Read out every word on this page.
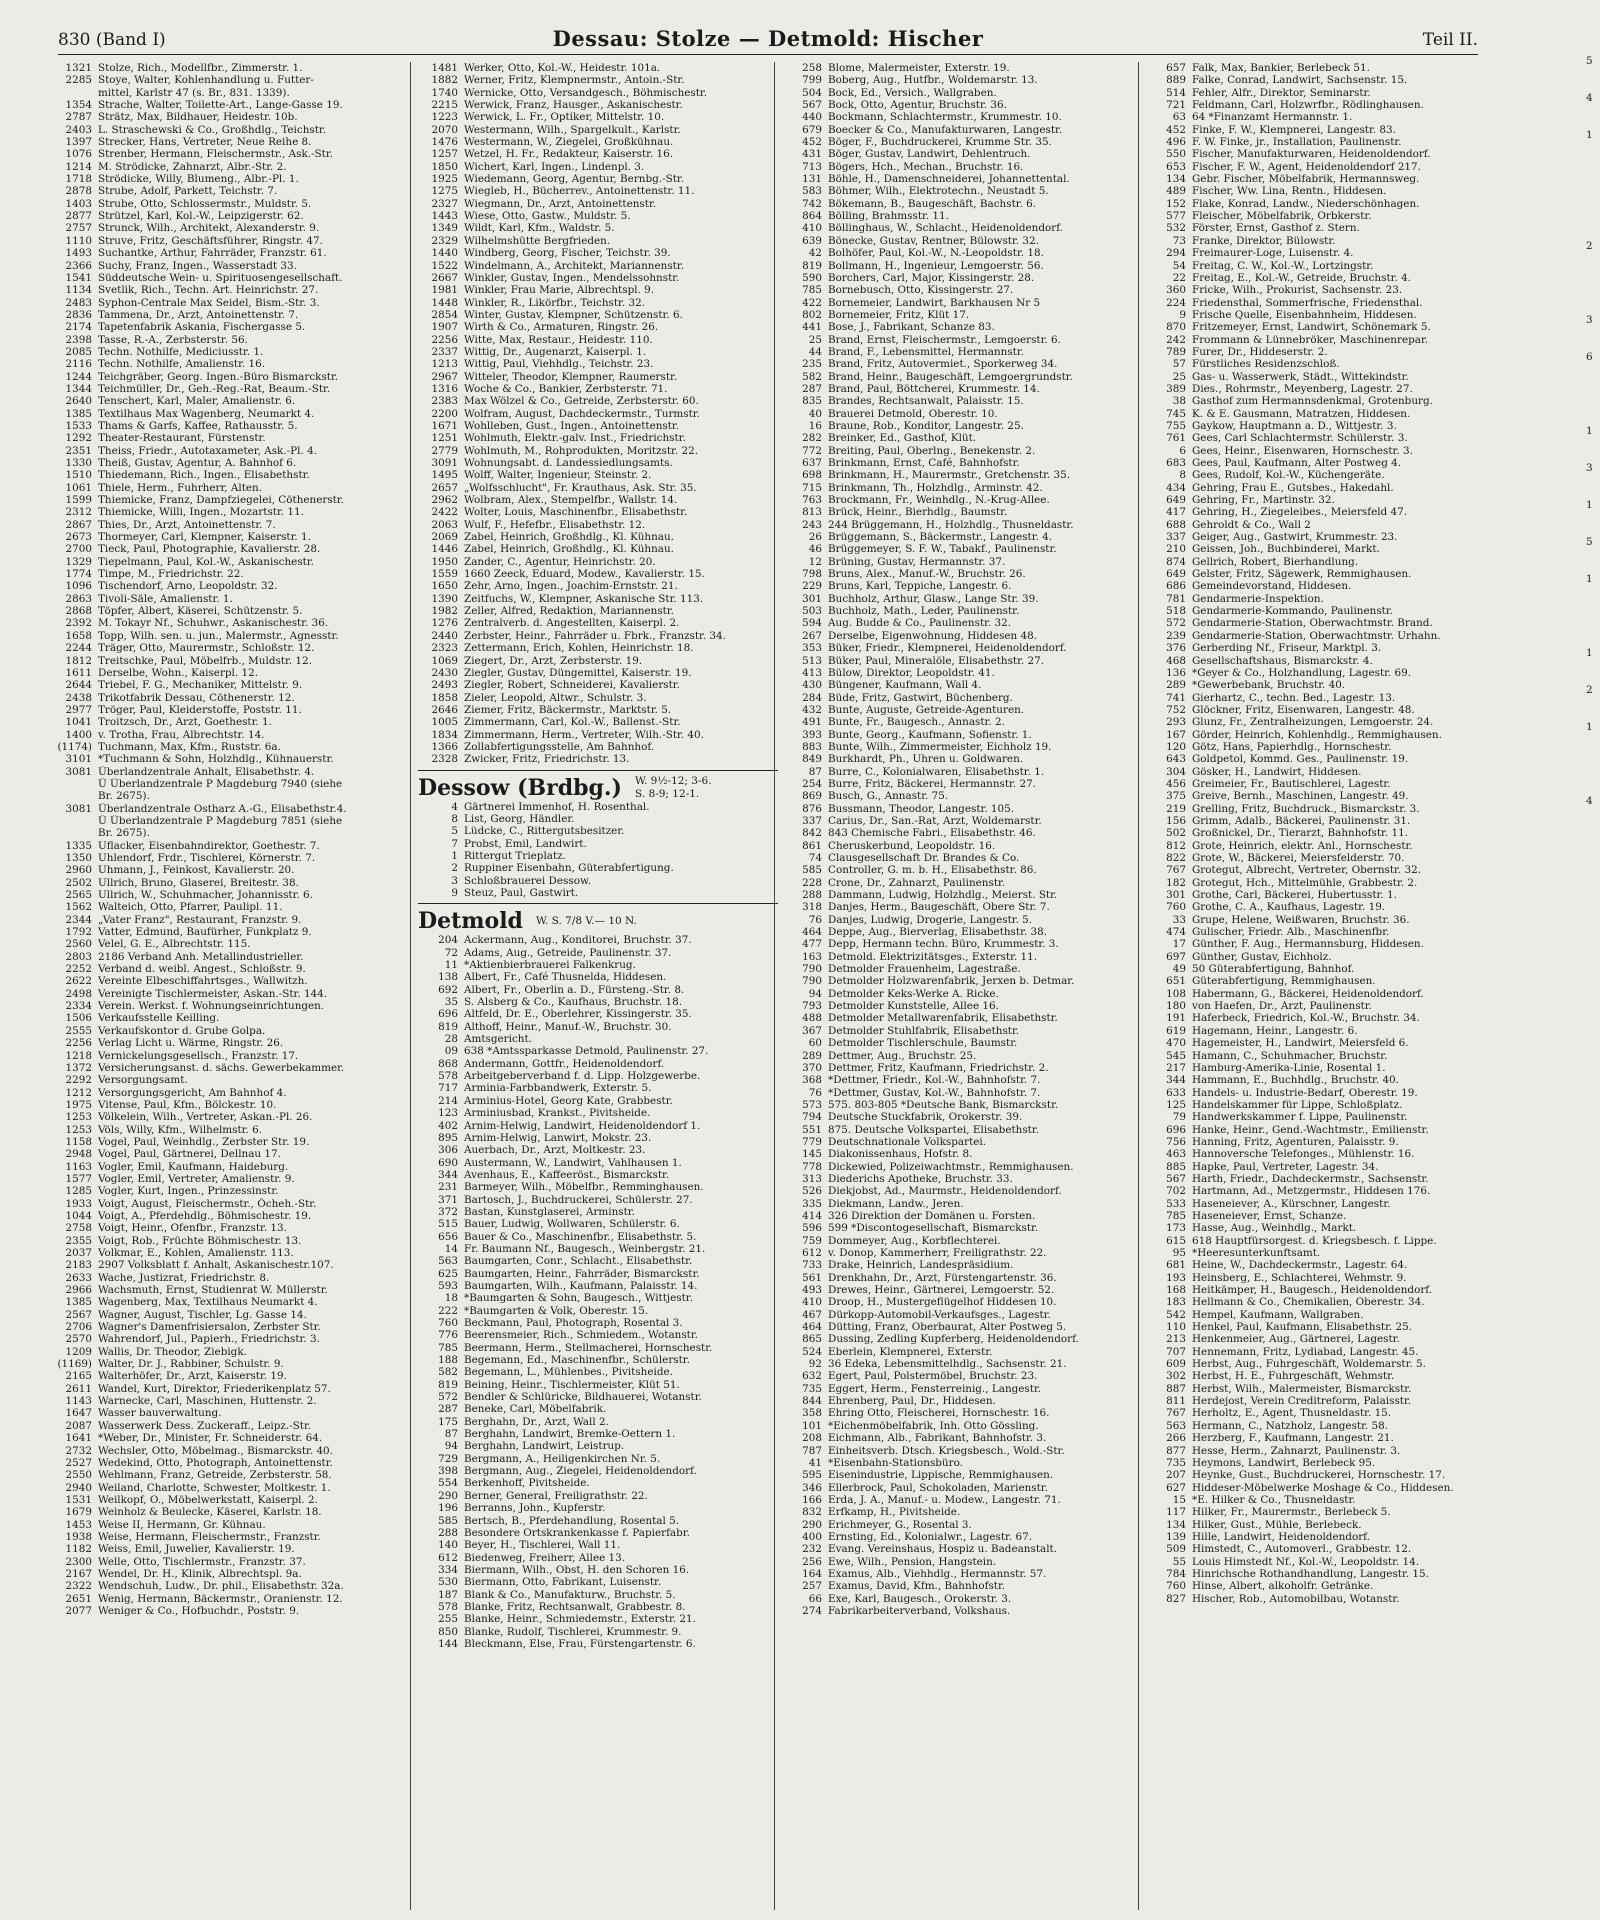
830 (Band I)	Dessau: Stolze — Detmold: Hischer	Teil II.
1321 Stolze, Rich., Modellfbr., Zimmerstr. 1.
2285 Stoye, Walter, Kohlenhandlung u. Futter-
mittel, Karlstr 47 (s. Br., 831. 1339).
1354 Strache, Walter, Toilette-Art., Lange-Gasse 19.
2787 Strätz, Max, Bildhauer, Heidestr. 10b.
2403 L. Straschewski & Co., Großhdlg., Teichstr.
1397 Strecker, Hans, Vertreter, Neue Reihe 8.
1076 Strenber, Hermann, Fleischermstr., Ask.-Str.
1214 M. Strödicke, Zahnarzt, Albr.-Str. 2.
1718 Strödicke, Willy, Blumeng., Albr.-Pl. 1.
2878 Strube, Adolf, Parkett, Teichstr. 7.
1403 Strube, Otto, Schlossermstr., Muldstr. 5.
2877 Strützel, Karl, Kol.-W., Leipzigerstr. 62.
2757 Strunck, Wilh., Architekt, Alexanderstr. 9.
1110 Struve, Fritz, Geschäftsführer, Ringstr. 47.
1493 Suchantke, Arthur, Fahrräder, Franzstr. 61.
2366 Suchy, Franz, Ingen., Wasserstadt 33.
1541 Süddeutsche Wein- u. Spirituosengesellschaft.
1134 Svetlik, Rich., Techn. Art. Heinrichstr. 27.
2483 Syphon-Centrale Max Seidel, Bism.-Str. 3.
2836 Tammena, Dr., Arzt, Antoinettenstr. 7.
2174 Tapetenfabrik Askania, Fischergasse 5.
2398 Tasse, R.-A., Zerbsterstr. 56.
2085 Techn. Nothilfe, Mediciusstr. 1.
2116 Techn. Nothilfe, Amalienstr. 16.
1244 Teichgräber, Georg. Ingen.-Büro Bismarckstr.
1344 Teichmüller, Dr., Geh.-Reg.-Rat, Beaum.-Str.
2640 Tenschert, Karl, Maler, Amalienstr. 6.
1385 Textilhaus Max Wagenberg, Neumarkt 4.
1533 Thams & Garfs, Kaffee, Rathausstr. 5.
1292 Theater-Restaurant, Fürstenstr.
2351 Theiss, Friedr., Autotaxameter, Ask.-Pl. 4.
1330 Theiß, Gustav, Agentur, A. Bahnhof 6.
1510 Thiedemann, Rich., Ingen., Elisabethstr.
1061 Thiele, Herm., Fuhrherr, Alten.
1599 Thiemicke, Franz, Dampfziegelei, Cöthenerstr.
2312 Thiemicke, Willi, Ingen., Mozartstr. 11.
2867 Thies, Dr., Arzt, Antoinettenstr. 7.
2673 Thormeyer, Carl, Klempner, Kaiserstr. 1.
2700 Tieck, Paul, Photographie, Kavalierstr. 28.
1329 Tiepelmann, Paul, Kol.-W., Askanischestr.
1774 Timpe, M., Friedrichstr. 22.
1096 Tischendorf, Arno, Leopoldstr. 32.
2863 Tivoli-Säle, Amalienstr. 1.
2868 Töpfer, Albert, Käserei, Schützenstr. 5.
2392 M. Tokayr Nf., Schuhwr., Askanischestr. 36.
1658 Topp, Wilh. sen. u. jun., Malermstr., Agnesstr.
2244 Träger, Otto, Maurermstr., Schloßstr. 12.
1812 Treitschke, Paul, Möbelfrb., Muldstr. 12.
1611 Derselbe, Wohn., Kaiserpl. 12.
2644 Triebel, F. G., Mechaniker, Mittelstr. 9.
2438 Trikotfabrik Dessau, Cöthenerstr. 12.
2977 Tröger, Paul, Kleiderstoffe, Poststr. 11.
1041 Troitzsch, Dr., Arzt, Goethestr. 1.
1400 v. Trotha, Frau, Albrechtstr. 14.
(1174) Tuchmann, Max, Kfm., Ruststr. 6a.
3101 *Tuchmann & Sohn, Holzhdlg., Kühnauerstr.
3081 Überlandzentrale Anhalt, Elisabethstr. 4.
Ü Überlandzentrale P Magdeburg 7940 (siehe
Br. 2675).
3081 Überlandzentrale Ostharz A.-G., Elisabethstr.4.
Ü Überlandzentrale P Magdeburg 7851 (siehe
Br. 2675).
1335 Uflacker, Eisenbahndirektor, Goethestr. 7.
1350 Uhlendorf, Frdr., Tischlerei, Körnerstr. 7.
2960 Uhmann, J., Feinkost, Kavalierstr. 20.
2502 Ullrich, Bruno, Glaserei, Breitestr. 38.
2565 Ullrich, W., Schuhmacher, Johannisstr. 6.
1562 Walteich, Otto, Pfarrer, Paulipl. 11.
2344 „Vater Franz", Restaurant, Franzstr. 9.
1792 Vatter, Edmund, Baufürher, Funkplatz 9.
2560 Velel, G. E., Albrechtstr. 115.
2803 2186 Verband Anh. Metallindustrieller.
2252 Verband d. weibl. Angest., Schloßstr. 9.
2622 Vereinte Elbeschiffahrtsges., Wallwitzh.
2498 Vereinigte Tischlermeister, Askan.-Str. 144.
2334 Verein. Werkst. f. Wohnungseinrichtungen.
1506 Verkaufsstelle Keilling.
2555 Verkaufskontor d. Grube Golpa.
2256 Verlag Licht u. Wärme, Ringstr. 26.
1218 Vernickelungsgesellsch., Franzstr. 17.
1372 Versicherungsanst. d. sächs. Gewerbekammer.
2292 Versorgungsamt.
1212 Versorgungsgericht, Am Bahnhof 4.
1975 Vitense, Paul, Kfm., Bölckestr. 10.
1253 Völkelein, Wilh., Vertreter, Askan.-Pl. 26.
1253 Völs, Willy, Kfm., Wilhelmstr. 6.
1158 Vogel, Paul, Weinhdlg., Zerbster Str. 19.
2948 Vogel, Paul, Gärtnerei, Dellnau 17.
1163 Vogler, Emil, Kaufmann, Haideburg.
1577 Vogler, Emil, Vertreter, Amalienstr. 9.
1285 Vogler, Kurt, Ingen., Prinzessinstr.
1933 Voigt, August, Fleischermstr., Öcheh.-Str.
1044 Voigt, A., Pferdehdlg., Böhmischestr. 19.
2758 Voigt, Heinr., Ofenfbr., Franzstr. 13.
2355 Voigt, Rob., Früchte Böhmischestr. 13.
2037 Volkmar, E., Kohlen, Amalienstr. 113.
2183 2907 Volksblatt f. Anhalt, Askanischestr.107.
2633 Wache, Justizrat, Friedrichstr. 8.
2966 Wachsmuth, Ernst, Studienrat W. Müllerstr.
1385 Wagenberg, Max, Textilhaus Neumarkt 4.
2567 Wagner, August, Tischler, Lg. Gasse 14.
2706 Wagner's Damenfrisiersalon, Zerbster Str.
2570 Wahrendorf, Jul., Papierh., Friedrichstr. 3.
1209 Wallis, Dr. Theodor, Ziebigk.
(1169) Walter, Dr. J., Rabbiner, Schulstr. 9.
2165 Walterhöfer, Dr., Arzt, Kaiserstr. 19.
2611 Wandel, Kurt, Direktor, Friederikenplatz 57.
1143 Warnecke, Carl, Maschinen, Huttenstr. 2.
1647 Wasser bauverwaltung.
2087 Wasserwerk Dess. Zuckeraff., Leipz.-Str.
1641 *Weber, Dr., Minister, Fr. Schneiderstr. 64.
2732 Wechsler, Otto, Möbelmag., Bismarckstr. 40.
2527 Wedekind, Otto, Photograph, Antoinettenstr.
2550 Wehlmann, Franz, Getreide, Zerbsterstr. 58.
2940 Weiland, Charlotte, Schwester, Moltkestr. 1.
1531 Weilkopf, O., Möbelwerkstatt, Kaiserpl. 2.
1679 Weinholz & Beulecke, Käserei, Karlstr. 18.
1453 Weise II, Hermann, Gr. Kühnau.
1938 Weise, Hermann, Fleischermstr., Franzstr.
1182 Weiss, Emil, Juwelier, Kavalierstr. 19.
2300 Welle, Otto, Tischlermstr., Franzstr. 37.
2167 Wendel, Dr. H., Klinik, Albrechtspl. 9a.
2322 Wendschuh, Ludw., Dr. phil., Elisabethstr. 32a.
2651 Wenig, Hermann, Bäckermstr., Oranienstr. 12.
2077 Weniger & Co., Hofbuchdr., Poststr. 9.
1481 Werker, Otto, Kol.-W., Heidestr. 101a.
1882 Werner, Fritz, Klempnermstr., Antoin.-Str.
1740 Wernicke, Otto, Versandgesch., Böhmischestr.
2215 Werwick, Franz, Hausger., Askanischestr.
1223 Werwick, L. Fr., Optiker, Mittelstr. 10.
2070 Westermann, Wilh., Spargelkult., Karlstr.
1476 Westermann, W., Ziegelei, Großkühnau.
1257 Wetzel, H. Fr., Redakteur, Kaiserstr. 16.
1850 Wichert, Karl, Ingen., Lindenpl. 3.
1925 Wiedemann, Georg, Agentur, Bernbg.-Str.
1275 Wiegleb, H., Bücherrev., Antoinettenstr. 11.
2327 Wiegmann, Dr., Arzt, Antoinettenstr.
1443 Wiese, Otto, Gastw., Muldstr. 5.
1349 Wildt, Karl, Kfm., Waldstr. 5.
2329 Wilhelmshütte Bergfrieden.
1440 Windberg, Georg, Fischer, Teichstr. 39.
1522 Windelmann, A., Architekt, Mariannenstr.
2667 Winkler, Gustav, Ingen., Mendelssohnstr.
1981 Winkler, Frau Marie, Albrechtspl. 9.
1448 Winkler, R., Likörfbr., Teichstr. 32.
2854 Winter, Gustav, Klempner, Schützenstr. 6.
1907 Wirth & Co., Armaturen, Ringstr. 26.
2256 Witte, Max, Restaur., Heidestr. 110.
2337 Wittig, Dr., Augenarzt, Kaiserpl. 1.
1213 Wittig, Paul, Viehhdlg., Teichstr. 23.
2967 Witteler, Theodor, Klempner, Raumerstr.
1316 Woche & Co., Bankier, Zerbsterstr. 71.
2383 Max Wölzel & Co., Getreide, Zerbsterstr. 60.
2200 Wolfram, August, Dachdeckermstr., Turmstr.
1671 Wohlleben, Gust., Ingen., Antoinettenstr.
1251 Wohlmuth, Elektr.-galv. Inst., Friedrichstr.
2779 Wohlmuth, M., Rohprodukten, Moritzstr. 22.
3091 Wohnungsabt. d. Landessiedlungsamts.
1495 Wolff, Walter, Ingenieur, Steinstr. 2.
2657 „Wolfsschlucht", Fr. Krauthaus, Ask. Str. 35.
2962 Wolbram, Alex., Stempelfbr., Wallstr. 14.
2422 Wolter, Louis, Maschinenfbr., Elisabethstr.
2063 Wulf, F., Hefefbr., Elisabethstr. 12.
2069 Zabel, Heinrich, Großhdlg., Kl. Kühnau.
1446 Zabel, Heinrich, Großhdlg., Kl. Kühnau.
1950 Zander, C., Agentur, Heinrichstr. 20.
1559 1660 Zeeck, Eduard, Modew., Kavalierstr. 15.
1650 Zehr, Arno, Ingen., Joachim-Ernststr. 21.
1390 Zeitfuchs, W., Klempner, Askanische Str. 113.
1982 Zeller, Alfred, Redaktion, Mariannenstr.
1276 Zentralverb. d. Angestellten, Kaiserpl. 2.
2440 Zerbster, Heinr., Fahrräder u. Fbrk., Franzstr. 34.
2323 Zettermann, Erich, Kohlen, Heinrichstr. 18.
1069 Ziegert, Dr., Arzt, Zerbsterstr. 19.
2430 Ziegler, Gustav, Düngemittel, Kaiserstr. 19.
2493 Ziegler, Robert, Schneiderei, Kavalierstr.
1858 Zieler, Leopold, Altwr., Schulstr. 3.
2646 Ziemer, Fritz, Bäckermstr., Marktstr. 5.
1005 Zimmermann, Carl, Kol.-W., Ballenst.-Str.
1834 Zimmermann, Herm., Vertreter, Wilh.-Str. 40.
1366 Zollabfertigungsstelle, Am Bahnhof.
2328 Zwicker, Fritz, Friedrichstr. 13.
Dessow (Brdbg.) W. 9½-12; 3-6.
S. 8-9; 12-1.
4 Gärtnerei Immenhof, H. Rosenthal.
8 List, Georg, Händler.
5 Lüdcke, C., Rittergutsbesitzer.
7 Probst, Emil, Landwirt.
1 Rittergut Trieplatz.
2 Ruppiner Eisenbahn, Güterabfertigung.
3 Schloßbrauerei Dessow.
9 Steuz, Paul, Gastwirt.
Detmold W. S. 7/8 V.— 10 N.
204 Ackermann, Aug., Konditorei, Bruchstr. 37.
72 Adams, Aug., Getreide, Paulinenstr. 37.
11 *Aktienbierbrauerei Falkenkrug.
138 Albert, Fr., Café Thusnelda, Hiddesen.
692 Albert, Fr., Oberlin a. D., Fürsteng.-Str. 8.
35 S. Alsberg & Co., Kaufhaus, Bruchstr. 18.
696 Altfeld, Dr. E., Oberlehrer, Kissingerstr. 35.
819 Althoff, Heinr., Manuf.-W., Bruchstr. 30.
28 Amtsgericht.
09 638 *Amtssparkasse Detmold, Paulinenstr. 27.
868 Andermann, Gottfr., Heidenoldendorf.
578 Arbeitgeberverband f. d. Lipp. Holzgewerbe.
717 Arminia-Farbbandwerk, Exterstr. 5.
214 Arminius-Hotel, Georg Kate, Grabbestr.
123 Arminiusbad, Krankst., Pivitsheide.
402 Arnim-Helwig, Landwirt, Heidenoldendorf 1.
895 Arnim-Helwig, Lanwirt, Mokstr. 23.
306 Auerbach, Dr., Arzt, Moltkestr. 23.
690 Austermann, W., Landwirt, Vahlhausen 1.
344 Avenhaus, E., Kaffeeröst., Bismarckstr.
231 Barmeyer, Wilh., Möbelfbr., Remminghausen.
371 Bartosch, J., Buchdruckerei, Schülerstr. 27.
372 Bastan, Kunstglaserei, Arminstr.
515 Bauer, Ludwig, Wollwaren, Schülerstr. 6.
656 Bauer & Co., Maschinenfbr., Elisabethstr. 5.
14 Fr. Baumann Nf., Baugesch., Weinbergstr. 21.
563 Baumgarten, Conr., Schlacht., Elisabethstr.
625 Baumgarten, Heinr., Fahrräder, Bismarckstr.
593 Baumgarten, Wilh., Kaufmann, Palaisstr. 14.
18 *Baumgarten & Sohn, Baugesch., Wittjestr.
222 *Baumgarten & Volk, Oberestr. 15.
760 Beckmann, Paul, Photograph, Rosental 3.
776 Beerensmeier, Rich., Schmiedem., Wotanstr.
785 Beermann, Herm., Stellmacherei, Hornschestr.
188 Begemann, Ed., Maschinenfbr., Schülerstr.
582 Begemann, L., Mühlenbes., Pivitsheide.
819 Beining, Heinr., Tischlermeister, Klüt 51.
572 Bendler & Schlüricke, Bildhauerei, Wotanstr.
287 Beneke, Carl, Möbelfabrik.
175 Berghahn, Dr., Arzt, Wall 2.
87 Berghahn, Landwirt, Bremke-Oettern 1.
94 Berghahn, Landwirt, Leistrup.
729 Bergmann, A., Heiligenkirchen Nr. 5.
398 Bergmann, Aug., Ziegelei, Heidenoldendorf.
554 Berkenhoff, Pivitsheide.
290 Berner, General, Freiligrathstr. 22.
196 Berranns, John., Kupferstr.
585 Bertsch, B., Pferdehandlung, Rosental 5.
288 Besondere Ortskrankenkasse f. Papierfabr.
140 Beyer, H., Tischlerei, Wall 11.
612 Biedenweg, Freiherr, Allee 13.
334 Biermann, Wilh., Obst, H. den Schoren 16.
530 Biermann, Otto, Fabrikant, Luisenstr.
187 Blank & Co., Manufakturw., Bruchstr. 5.
578 Blanke, Fritz, Rechtsanwalt, Grabbestr. 8.
255 Blanke, Heinr., Schmiedemstr., Exterstr. 21.
850 Blanke, Rudolf, Tischlerei, Krummestr. 9.
144 Bleckmann, Else, Frau, Fürstengartenstr. 6.
258 Blome, Malermeister, Exterstr. 19.
799 Boberg, Aug., Hutfbr., Woldemarstr. 13.
504 Bock, Ed., Versich., Wallgraben.
567 Bock, Otto, Agentur, Bruchstr. 36.
440 Bockmann, Schlachtermstr., Krummestr. 10.
679 Boecker & Co., Manufakturwaren, Langestr.
452 Böger, F., Buchdruckerei, Krumme Str. 35.
431 Böger, Gustav, Landwirt, Dehlentruch.
713 Bögers, Hch., Mechan., Bruchstr. 16.
131 Böhle, H., Damenschneiderei, Johannettental.
583 Böhmer, Wilh., Elektrotechn., Neustadt 5.
742 Bökemann, B., Baugeschäft, Bachstr. 6.
864 Bölling, Brahmsstr. 11.
410 Böllinghaus, W., Schlacht., Heidenoldendorf.
639 Bönecke, Gustav, Rentner, Bülowstr. 32.
42 Bolhöfer, Paul, Kol.-W., N.-Leopoldstr. 18.
819 Bollmann, H., Ingenieur, Lemgoerstr. 56.
590 Borchers, Carl, Major, Kissingerstr. 28.
785 Bornebusch, Otto, Kissingerstr. 27.
422 Bornemeier, Landwirt, Barkhausen Nr 5
802 Bornemeier, Fritz, Klüt 17.
441 Bose, J., Fabrikant, Schanze 83.
25 Brand, Ernst, Fleischermstr., Lemgoerstr. 6.
44 Brand, F., Lebensmittel, Hermannstr.
235 Brand, Fritz, Autovermiet., Sporkerweg 34.
582 Brand, Heinr., Baugeschäft, Lemgoergrundstr.
287 Brand, Paul, Böttcherei, Krummestr. 14.
835 Brandes, Rechtsanwalt, Palaisstr. 15.
40 Brauerei Detmold, Oberestr. 10.
16 Braune, Rob., Konditor, Langestr. 25.
282 Breinker, Ed., Gasthof, Klüt.
772 Breiting, Paul, Oberlng., Benekenstr. 2.
637 Brinkmann, Ernst, Café, Bahnhofstr.
698 Brinkmann, H., Maurermstr., Gretchenstr. 35.
715 Brinkmann, Th., Holzhdlg., Arminstr. 42.
763 Brockmann, Fr., Weinhdlg., N.-Krug-Allee.
813 Brück, Heinr., Bierhdlg., Baumstr.
243 244 Brüggemann, H., Holzhdlg., Thusneldastr.
26 Brüggemann, S., Bäckermstr., Langestr. 4.
46 Brüggemeyer, S. F. W., Tabakf., Paulinenstr.
12 Brüning, Gustav, Hermannstr. 37.
798 Bruns, Alex., Manuf.-W., Bruchstr. 26.
229 Bruns, Karl, Teppiche, Langestr. 6.
301 Buchholz, Arthur, Glasw., Lange Str. 39.
503 Buchholz, Math., Leder, Paulinenstr.
594 Aug. Budde & Co., Paulinenstr. 32.
267 Derselbe, Eigenwohnung, Hiddesen 48.
353 Büker, Friedr., Klempnerei, Heidenoldendorf.
513 Büker, Paul, Mineralöle, Elisabethstr. 27.
413 Bülow, Direktor, Leopoldstr. 41.
430 Büngener, Kaufmann, Wall 4.
284 Büde, Fritz, Gastwirt, Büchenberg.
432 Bunte, Auguste, Getreide-Agenturen.
491 Bunte, Fr., Baugesch., Annastr. 2.
393 Bunte, Georg., Kaufmann, Sofienstr. 1.
883 Bunte, Wilh., Zimmermeister, Eichholz 19.
849 Burkhardt, Ph., Uhren u. Goldwaren.
87 Burre, C., Kolonialwaren, Elisabethstr. 1.
254 Burre, Fritz, Bäckerei, Hermannstr. 27.
869 Busch, G., Annastr. 75.
876 Bussmann, Theodor, Langestr. 105.
337 Carius, Dr., San.-Rat, Arzt, Woldemarstr.
842 843 Chemische Fabri., Elisabethstr. 46.
861 Cheruskerbund, Leopoldstr. 16.
74 Clausgesellschaft Dr. Brandes & Co.
585 Controller, G. m. b. H., Elisabethstr. 86.
228 Crone, Dr., Zahnarzt, Paulinenstr.
288 Dammann, Ludwig, Holzhdlg., Meierst. Str.
318 Danjes, Herm., Baugeschäft, Obere Str. 7.
76 Danjes, Ludwig, Drogerie, Langestr. 5.
464 Deppe, Aug., Bierverlag, Elisabethstr. 38.
477 Depp, Hermann techn. Büro, Krummestr. 3.
163 Detmold. Elektrizitätsges., Exterstr. 11.
790 Detmolder Frauenheim, Lagestraße.
790 Detmolder Holzwarenfabrik, Jerxen b. Detmar.
94 Detmolder Keks-Werke A. Ricke.
793 Detmolder Kunststelle, Allee 16.
488 Detmolder Metallwarenfabrik, Elisabethstr.
367 Detmolder Stuhlfabrik, Elisabethstr.
60 Detmolder Tischlerschule, Baumstr.
289 Dettmer, Aug., Bruchstr. 25.
370 Dettmer, Fritz, Kaufmann, Friedrichstr. 2.
368 *Dettmer, Friedr., Kol.-W., Bahnhofstr. 7.
76 *Dettmer, Gustav, Kol.-W., Bahnhofstr. 7.
573 575. 803-805 *Deutsche Bank, Bismarckstr.
794 Deutsche Stuckfabrik, Orokerstr. 39.
551 875. Deutsche Volkspartei, Elisabethstr.
779 Deutschnationale Volkspartei.
145 Diakonissenhaus, Hofstr. 8.
778 Dickewied, Polizeiwachtmstr., Remmighausen.
313 Diederichs Apotheke, Bruchstr. 33.
526 Diekjobst, Ad., Maurmstr., Heidenoldendorf.
335 Diekmann, Landw., Jeren.
414 326 Direktion der Domänen u. Forsten.
596 599 *Discontogesellschaft, Bismarckstr.
759 Dommeyer, Aug., Korbflechterei.
612 v. Donop, Kammerherr, Freiligrathstr. 22.
733 Drake, Heinrich, Landespräsidium.
561 Drenkhahn, Dr., Arzt, Fürstengartenstr. 36.
493 Drewes, Heinr., Gärtnerei, Lemgoerstr. 52.
410 Droop, H., Mustergeflügelhof Hiddesen 10.
467 Dürkopp-Automobil-Verkaufsges., Lagestr.
464 Dütting, Franz, Oberbaurat, Alter Postweg 5.
865 Dussing, Zedling Kupferberg, Heidenoldendorf.
524 Eberlein, Klempnerei, Exterstr.
92 36 Edeka, Lebensmittelhdlg., Sachsenstr. 21.
632 Egert, Paul, Polstermöbel, Bruchstr. 23.
735 Eggert, Herm., Fensterreinig., Langestr.
844 Ehrenberg, Paul, Dr., Hiddesen.
358 Ehring Otto, Fleischerei, Hornschestr. 16.
101 *Eichenmöbelfabrik, Inh. Otto Gössling.
208 Eichmann, Alb., Fabrikant, Bahnhofstr. 3.
787 Einheitsverb. Dtsch. Kriegsbesch., Wold.-Str.
41 *Eisenbahn-Stationsbüro.
595 Eisenindustrie, Lippische, Remmighausen.
346 Ellerbrock, Paul, Schokoladen, Marienstr.
166 Erda, J. A., Manuf.- u. Modew., Langestr. 71.
832 Erfkamp, H., Pivitsheide.
290 Erichmeyer, G., Rosental 3.
400 Ernsting, Ed., Kolonialwr., Lagestr. 67.
232 Evang. Vereinshaus, Hospiz u. Badeanstalt.
256 Ewe, Wilh., Pension, Hangstein.
164 Examus, Alb., Viehhdlg., Hermannstr. 57.
257 Examus, David, Kfm., Bahnhofstr.
66 Exe, Karl, Baugesch., Orokerstr. 3.
274 Fabrikarbeiterverband, Volkshaus.
657 Falk, Max, Bankier, Berlebeck 51.
889 Falke, Conrad, Landwirt, Sachsenstr. 15.
514 Fehler, Alfr., Direktor, Seminarstr.
721 Feldmann, Carl, Holzwrfbr., Rödlinghausen.
63 64 *Finanzamt Hermannstr. 1.
452 Finke, F. W., Klempnerei, Langestr. 83.
496 F. W. Finke, jr., Installation, Paulinenstr.
550 Fischer, Manufakturwaren, Heidenoldendorf.
653 Fischer, F. W., Agent, Heidenoldendorf 217.
134 Gebr. Fischer, Möbelfabrik, Hermannsweg.
489 Fischer, Ww. Lina, Rentn., Hiddesen.
152 Flake, Konrad, Landw., Niederschönhagen.
577 Fleischer, Möbelfabrik, Orbkerstr.
532 Förster, Ernst, Gasthof z. Stern.
73 Franke, Direktor, Bülowstr.
294 Freimaurer-Loge, Luisenstr. 4.
54 Freitag, C. W., Kol.-W., Lortzingstr.
22 Freitag, E., Kol.-W., Getreide, Bruchstr. 4.
360 Fricke, Wilh., Prokurist, Sachsenstr. 23.
224 Friedensthal, Sommerfrische, Friedensthal.
9 Frische Quelle, Eisenbahnheim, Hiddesen.
870 Fritzemeyer, Ernst, Landwirt, Schönemark 5.
242 Frommann & Lünnebröker, Maschinenrepar.
789 Furer, Dr., Hiddeserstr. 2.
57 Fürstliches Residenzschloß.
25 Gas- u. Wasserwerk, Städt., Wittekindstr.
389 Dies., Rohrmstr., Meyenberg, Lagestr. 27.
38 Gasthof zum Hermannsdenkmal, Grotenburg.
745 K. & E. Gausmann, Matratzen, Hiddesen.
755 Gaykow, Hauptmann a. D., Wittjestr. 3.
761 Gees, Carl Schlachtermstr. Schülerstr. 3.
6 Gees, Heinr., Eisenwaren, Hornschestr. 3.
683 Gees, Paul, Kaufmann, Alter Postweg 4.
8 Gees, Rudolf, Kol.-W., Küchengeräte.
434 Gehring, Frau E., Gutsbes., Hakedahl.
649 Gehring, Fr., Martinstr. 32.
417 Gehring, H., Ziegeleibes., Meiersfeld 47.
688 Gehroldt & Co., Wall 2
337 Geiger, Aug., Gastwirt, Krummestr. 23.
210 Geissen, Joh., Buchbinderei, Markt.
874 Gellrich, Robert, Bierhandlung.
649 Gelster, Fritz, Sägewerk, Remmighausen.
686 Gemeindevorstand, Hiddesen.
781 Gendarmerie-Inspektion.
518 Gendarmerie-Kommando, Paulinenstr.
572 Gendarmerie-Station, Oberwachtmstr. Brand.
239 Gendarmerie-Station, Oberwachtmstr. Urhahn.
376 Gerberding Nf., Friseur, Marktpl. 3.
468 Gesellschaftshaus, Bismarckstr. 4.
136 *Geyer & Co., Holzhandlung, Lagestr. 69.
289 *Gewerbebank, Bruchstr. 40.
741 Gierhartz, C., techn. Bed., Lagestr. 13.
752 Glöckner, Fritz, Eisenwaren, Langestr. 48.
293 Glunz, Fr., Zentralheizungen, Lemgoerstr. 24.
167 Görder, Heinrich, Kohlenhdlg., Remmighausen.
120 Götz, Hans, Papierhdlg., Hornschestr.
643 Goldpetol, Kommd. Ges., Paulinenstr. 19.
304 Gösker, H., Landwirt, Hiddesen.
456 Greimeier, Fr., Bautischlerei, Lagestr.
375 Greive, Bernh., Maschinen, Langestr. 49.
219 Grelling, Fritz, Buchdruck., Bismarckstr. 3.
156 Grimm, Adalb., Bäckerei, Paulinenstr. 31.
502 Großnickel, Dr., Tierarzt, Bahnhofstr. 11.
812 Grote, Heinrich, elektr. Anl., Hornschestr.
822 Grote, W., Bäckerei, Meiersfelderstr. 70.
767 Grotegut, Albrecht, Vertreter, Obernstr. 32.
182 Grotegut, Hch., Mittelmühle, Grabbestr. 2.
301 Grothe, Carl, Bäckerei, Hubertusstr. 1.
760 Grothe, C. A., Kaufhaus, Lagestr. 19.
33 Grupe, Helene, Weißwaren, Bruchstr. 36.
474 Gulischer, Friedr. Alb., Maschinenfbr.
17 Günther, F. Aug., Hermannsburg, Hiddesen.
697 Günther, Gustav, Eichholz.
49 50 Güterabfertigung, Bahnhof.
651 Güterabfertigung, Remmighausen.
108 Habermann, G., Bäckerei, Heidenoldendorf.
180 von Haefen, Dr., Arzt, Paulinenstr.
191 Haferbeck, Friedrich, Kol.-W., Bruchstr. 34.
619 Hagemann, Heinr., Langestr. 6.
470 Hagemeister, H., Landwirt, Meiersfeld 6.
545 Hamann, C., Schuhmacher, Bruchstr.
217 Hamburg-Amerika-Linie, Rosental 1.
344 Hammann, E., Buchhdlg., Bruchstr. 40.
633 Handels- u. Industrie-Bedarf, Oberestr. 19.
125 Handelskammer für Lippe, Schloßplatz.
79 Handwerkskammer f. Lippe, Paulinenstr.
696 Hanke, Heinr., Gend.-Wachtmstr., Emilienstr.
756 Hanning, Fritz, Agenturen, Palaisstr. 9.
463 Hannoversche Telefonges., Mühlenstr. 16.
885 Hapke, Paul, Vertreter, Lagestr. 34.
567 Harth, Friedr., Dachdeckermstr., Sachsenstr.
702 Hartmann, Ad., Metzgermstr., Hiddesen 176.
533 Haseneiever, A., Kürschner, Langestr.
785 Haseneiever, Ernst, Schanze.
173 Hasse, Aug., Weinhdlg., Markt.
615 618 Hauptfürsorgest. d. Kriegsbesch. f. Lippe.
95 *Heeresunterkunftsamt.
681 Heine, W., Dachdeckermstr., Lagestr. 64.
193 Heinsberg, E., Schlachterei, Wehmstr. 9.
168 Heitkämper, H., Baugesch., Heidenoldendorf.
183 Hellmann & Co., Chemikalien, Oberestr. 34.
542 Hempel, Kaufmann, Wallgraben.
110 Henkel, Paul, Kaufmann, Elisabethstr. 25.
213 Henkenmeier, Aug., Gärtnerei, Lagestr.
707 Hennemann, Fritz, Lydiabad, Langestr. 45.
609 Herbst, Aug., Fuhrgeschäft, Woldemarstr. 5.
302 Herbst, H. E., Fuhrgeschäft, Wehmstr.
887 Herbst, Wilh., Malermeister, Bismarckstr.
811 Herdejost, Verein Creditreform, Palaisstr.
767 Herholtz, E., Agent, Thusneldastr. 15.
563 Hermann, C., Natzholz, Langestr. 58.
266 Herzberg, F., Kaufmann, Langestr. 21.
877 Hesse, Herm., Zahnarzt, Paulinenstr. 3.
735 Heymons, Landwirt, Berlebeck 95.
207 Heynke, Gust., Buchdruckerei, Hornschestr. 17.
627 Hiddeser-Möbelwerke Moshage & Co., Hiddesen.
15 *E. Hilker & Co., Thusneldastr.
117 Hilker, Fr., Maurermstr., Berlebeck 5.
134 Hilker, Gust., Mühle, Berlebeck.
139 Hille, Landwirt, Heidenoldendorf.
509 Himstedt, C., Automoverl., Grabbestr. 12.
55 Louis Himstedt Nf., Kol.-W., Leopoldstr. 14.
784 Hinrichsche Rothandhandlung, Langestr. 15.
760 Hinse, Albert, alkoholfr. Getränke.
827 Hischer, Rob., Automobilbau, Wotanstr.
5
4
1

2

3
6

1
3
1
5
1

1
2
1

4
